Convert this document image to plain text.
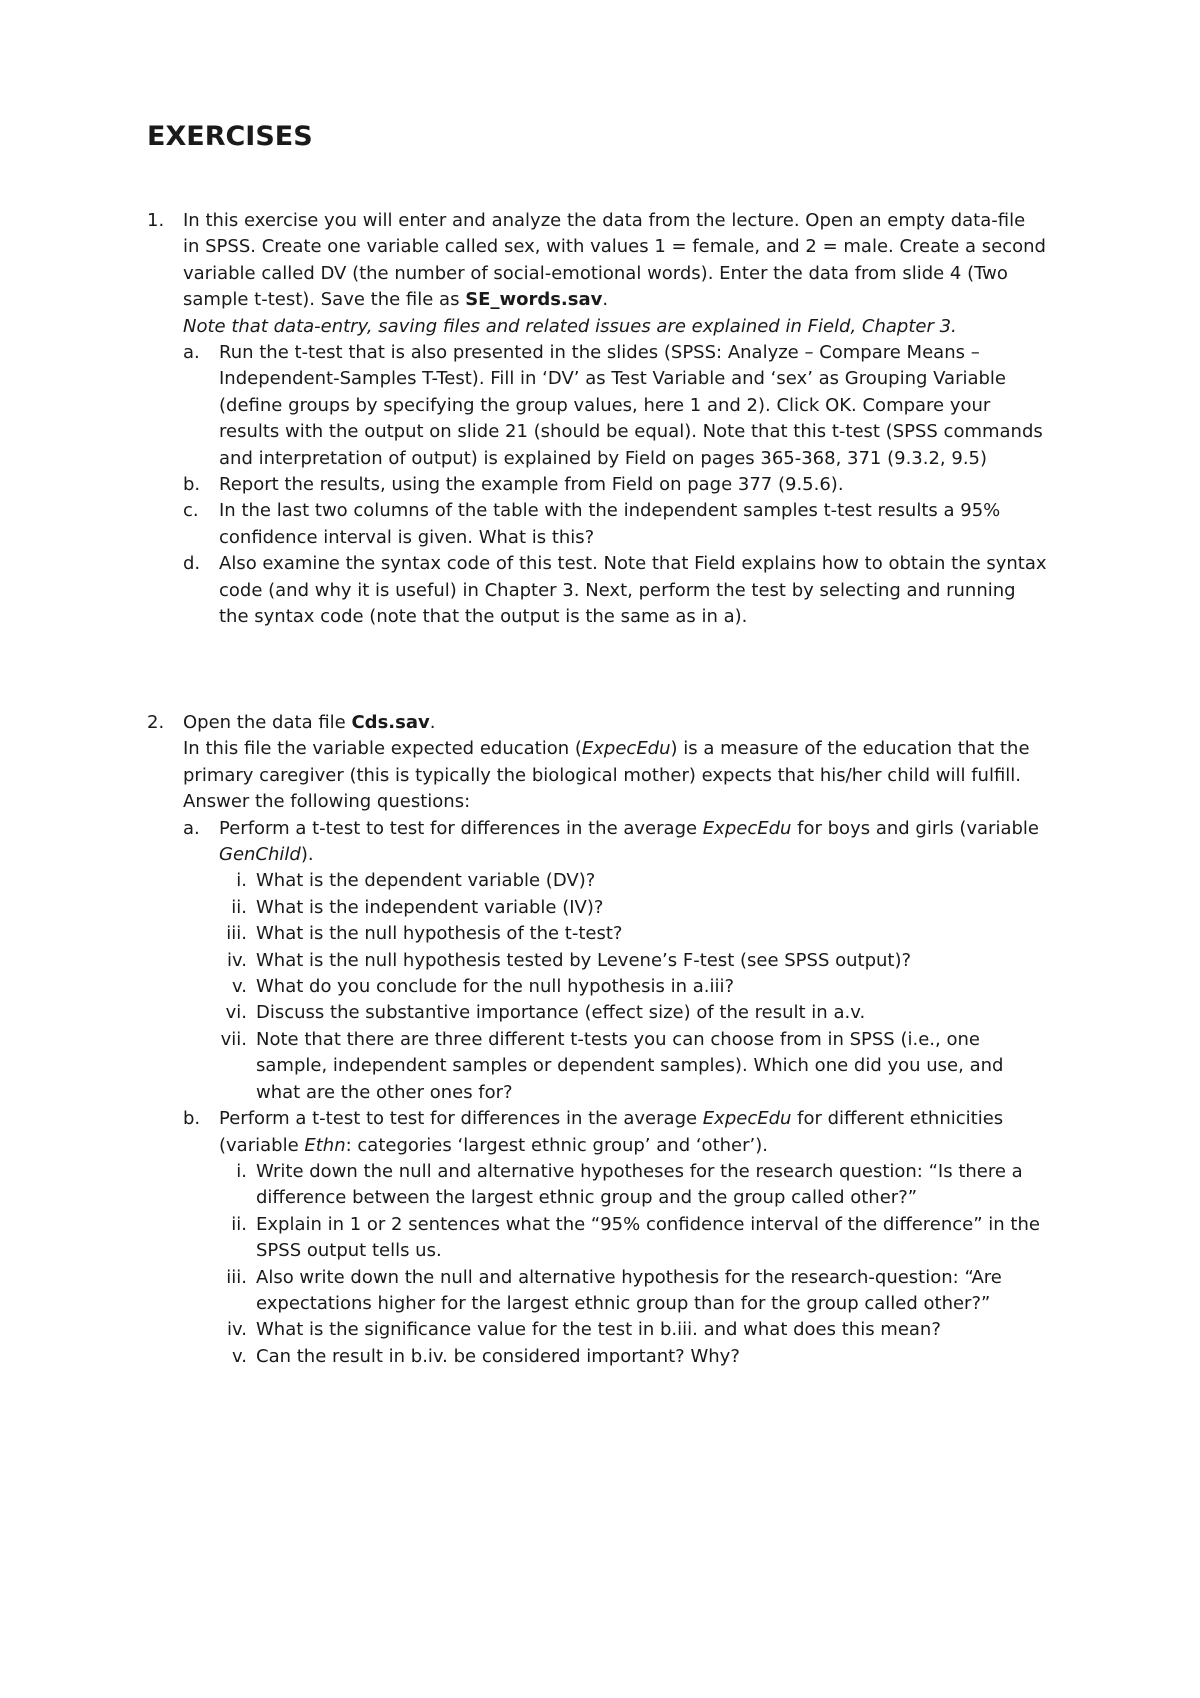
EXERCISES
1.	In this exercise you will enter and analyze the data from the lecture. Open an empty data-file in SPSS. Create one variable called sex, with values 1 = female, and 2 = male. Create a second variable called DV (the number of social-emotional words). Enter the data from slide 4 (Two sample t-test). Save the file as SE_words.sav.

Note that data-entry, saving files and related issues are explained in Field, Chapter 3.

a.	Run the t-test that is also presented in the slides (SPSS: Analyze – Compare Means – Independent-Samples T-Test). Fill in ‘DV’ as Test Variable and ‘sex’ as Grouping Variable (define groups by specifying the group values, here 1 and 2). Click OK. Compare your results with the output on slide 21 (should be equal). Note that this t-test (SPSS commands and interpretation of output) is explained by Field on pages 365-368, 371 (9.3.2, 9.5)
b.	Report the results, using the example from Field on page 377 (9.5.6).
c.	In the last two columns of the table with the independent samples t-test results a 95% confidence interval is given. What is this?
d.	Also examine the syntax code of this test. Note that Field explains how to obtain the syntax code (and why it is useful) in Chapter 3. Next, perform the test by selecting and running the syntax code (note that the output is the same as in a).
2.	Open the data file Cds.sav.

In this file the variable expected education (ExpecEdu) is a measure of the education that the primary caregiver (this is typically the biological mother) expects that his/her child will fulfill.

Answer the following questions:

a.	Perform a t-test to test for differences in the average ExpecEdu for boys and girls (variable GenChild).
i. What is the dependent variable (DV)?
ii. What is the independent variable (IV)?
iii. What is the null hypothesis of the t-test?
iv. What is the null hypothesis tested by Levene’s F-test (see SPSS output)?
v. What do you conclude for the null hypothesis in a.iii?
vi. Discuss the substantive importance (effect size) of the result in a.v.
vii. Note that there are three different t-tests you can choose from in SPSS (i.e., one sample, independent samples or dependent samples). Which one did you use, and what are the other ones for?
b.	Perform a t-test to test for differences in the average ExpecEdu for different ethnicities (variable Ethn: categories ‘largest ethnic group’ and ‘other’).
i. Write down the null and alternative hypotheses for the research question: “Is there a difference between the largest ethnic group and the group called other?”
ii. Explain in 1 or 2 sentences what the “95% confidence interval of the difference” in the SPSS output tells us.
iii. Also write down the null and alternative hypothesis for the research-question: “Are expectations higher for the largest ethnic group than for the group called other?”
iv. What is the significance value for the test in b.iii. and what does this mean?
v. Can the result in b.iv. be considered important? Why?
